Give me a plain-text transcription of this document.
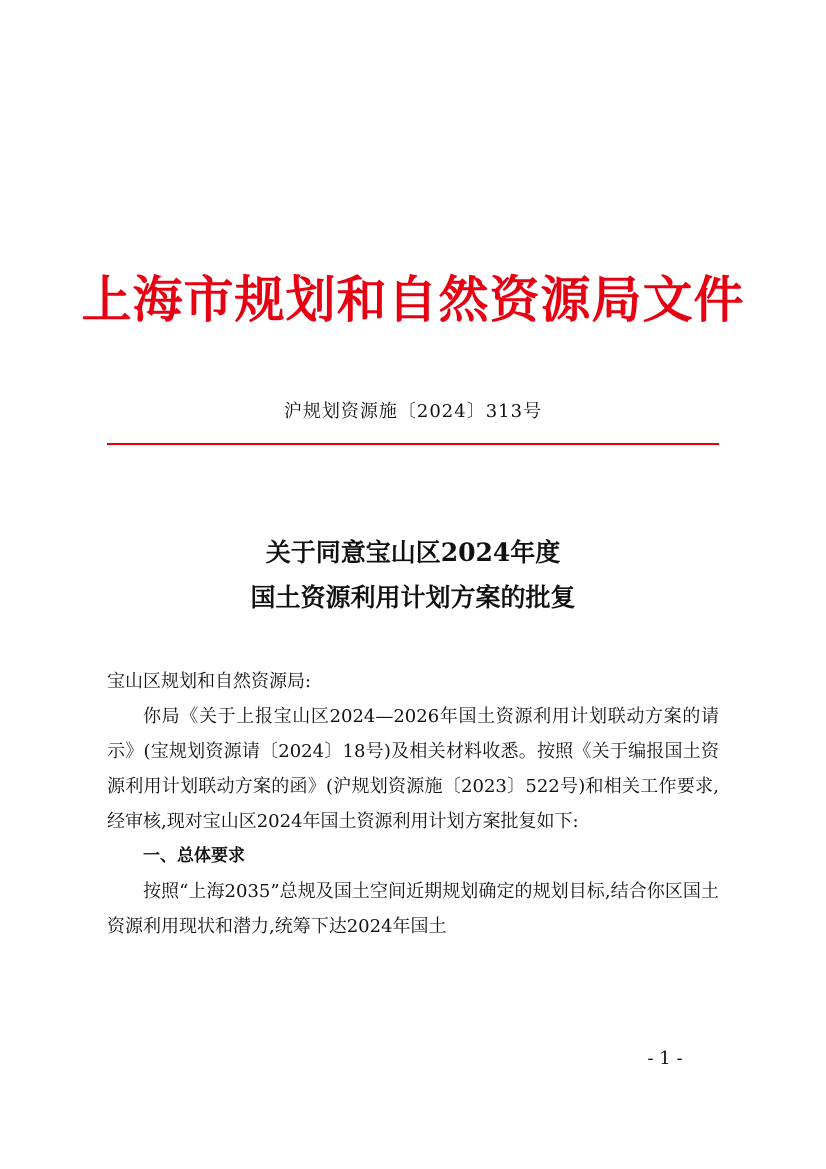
上海市规划和自然资源局文件
沪规划资源施〔2024〕313号
关于同意宝山区2024年度
国土资源利用计划方案的批复

宝山区规划和自然资源局:

你局《关于上报宝山区2024—2026年国土资源利用计划联动方案的请示》(宝规划资源请〔2024〕18号)及相关材料收悉。按照《关于编报国土资源利用计划联动方案的函》(沪规划资源施〔2023〕522号)和相关工作要求,经审核,现对宝山区2024年国土资源利用计划方案批复如下:

一、总体要求

按照“上海2035”总规及国土空间近期规划确定的规划目标,结合你区国土资源利用现状和潜力,统筹下达2024年国土

- 1 -
